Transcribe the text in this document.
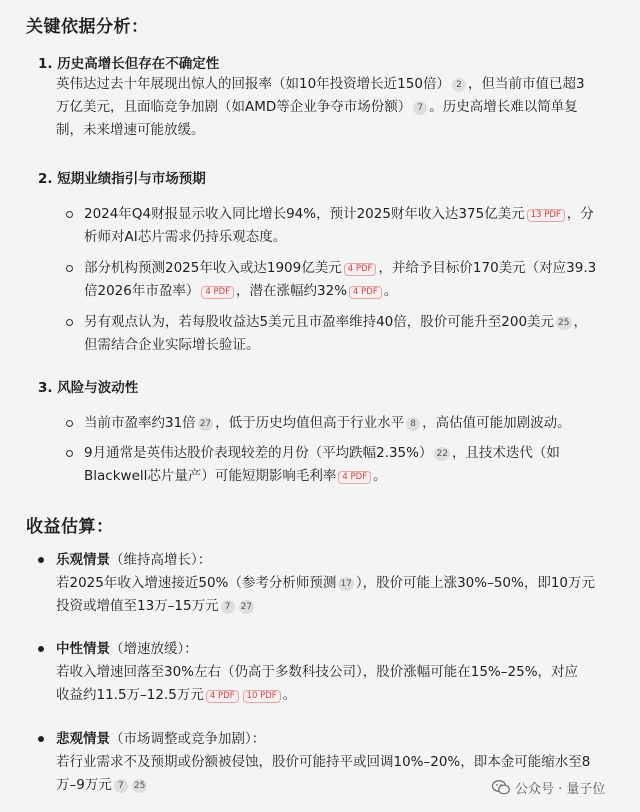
关键依据分析：
1. 历史高增长但存在不确定性
英伟达过去十年展现出惊人的回报率（如10年投资增长近150倍） 2 ，但当前市值已超3
万亿美元，且面临竞争加剧（如AMD等企业争夺市场份额） 7 。历史高增长难以简单复
制，未来增速可能放缓。
2. 短期业绩指引与市场预期
2024年Q4财报显示收入同比增长94%，预计2025财年收入达375亿美元 13 PDF ，分
析师对AI芯片需求仍持乐观态度。
部分机构预测2025年收入或达1909亿美元 4 PDF ，并给予目标价170美元（对应39.3
倍2026年市盈率） 4 PDF ，潜在涨幅约32% 4 PDF 。
另有观点认为，若每股收益达5美元且市盈率维持40倍，股价可能升至200美元 25 ，
但需结合企业实际增长验证。
3. 风险与波动性
当前市盈率约31倍 27 ，低于历史均值但高于行业水平 8 ，高估值可能加剧波动。
9月通常是英伟达股价表现较差的月份（平均跌幅2.35%） 22 ，且技术迭代（如
Blackwell芯片量产）可能短期影响毛利率 4 PDF 。
收益估算：
乐观情景（维持高增长）：
若2025年收入增速接近50%（参考分析师预测 17 ），股价可能上涨30%–50%，即10万元
投资或增值至13万–15万元 7 27
中性情景（增速放缓）：
若收入增速回落至30%左右（仍高于多数科技公司），股价涨幅可能在15%–25%，对应
收益约11.5万–12.5万元 4 PDF 10 PDF 。
悲观情景（市场调整或竞争加剧）：
若行业需求不及预期或份额被侵蚀，股价可能持平或回调10%–20%，即本金可能缩水至8
万–9万元 7 25	公众号 · 量子位
